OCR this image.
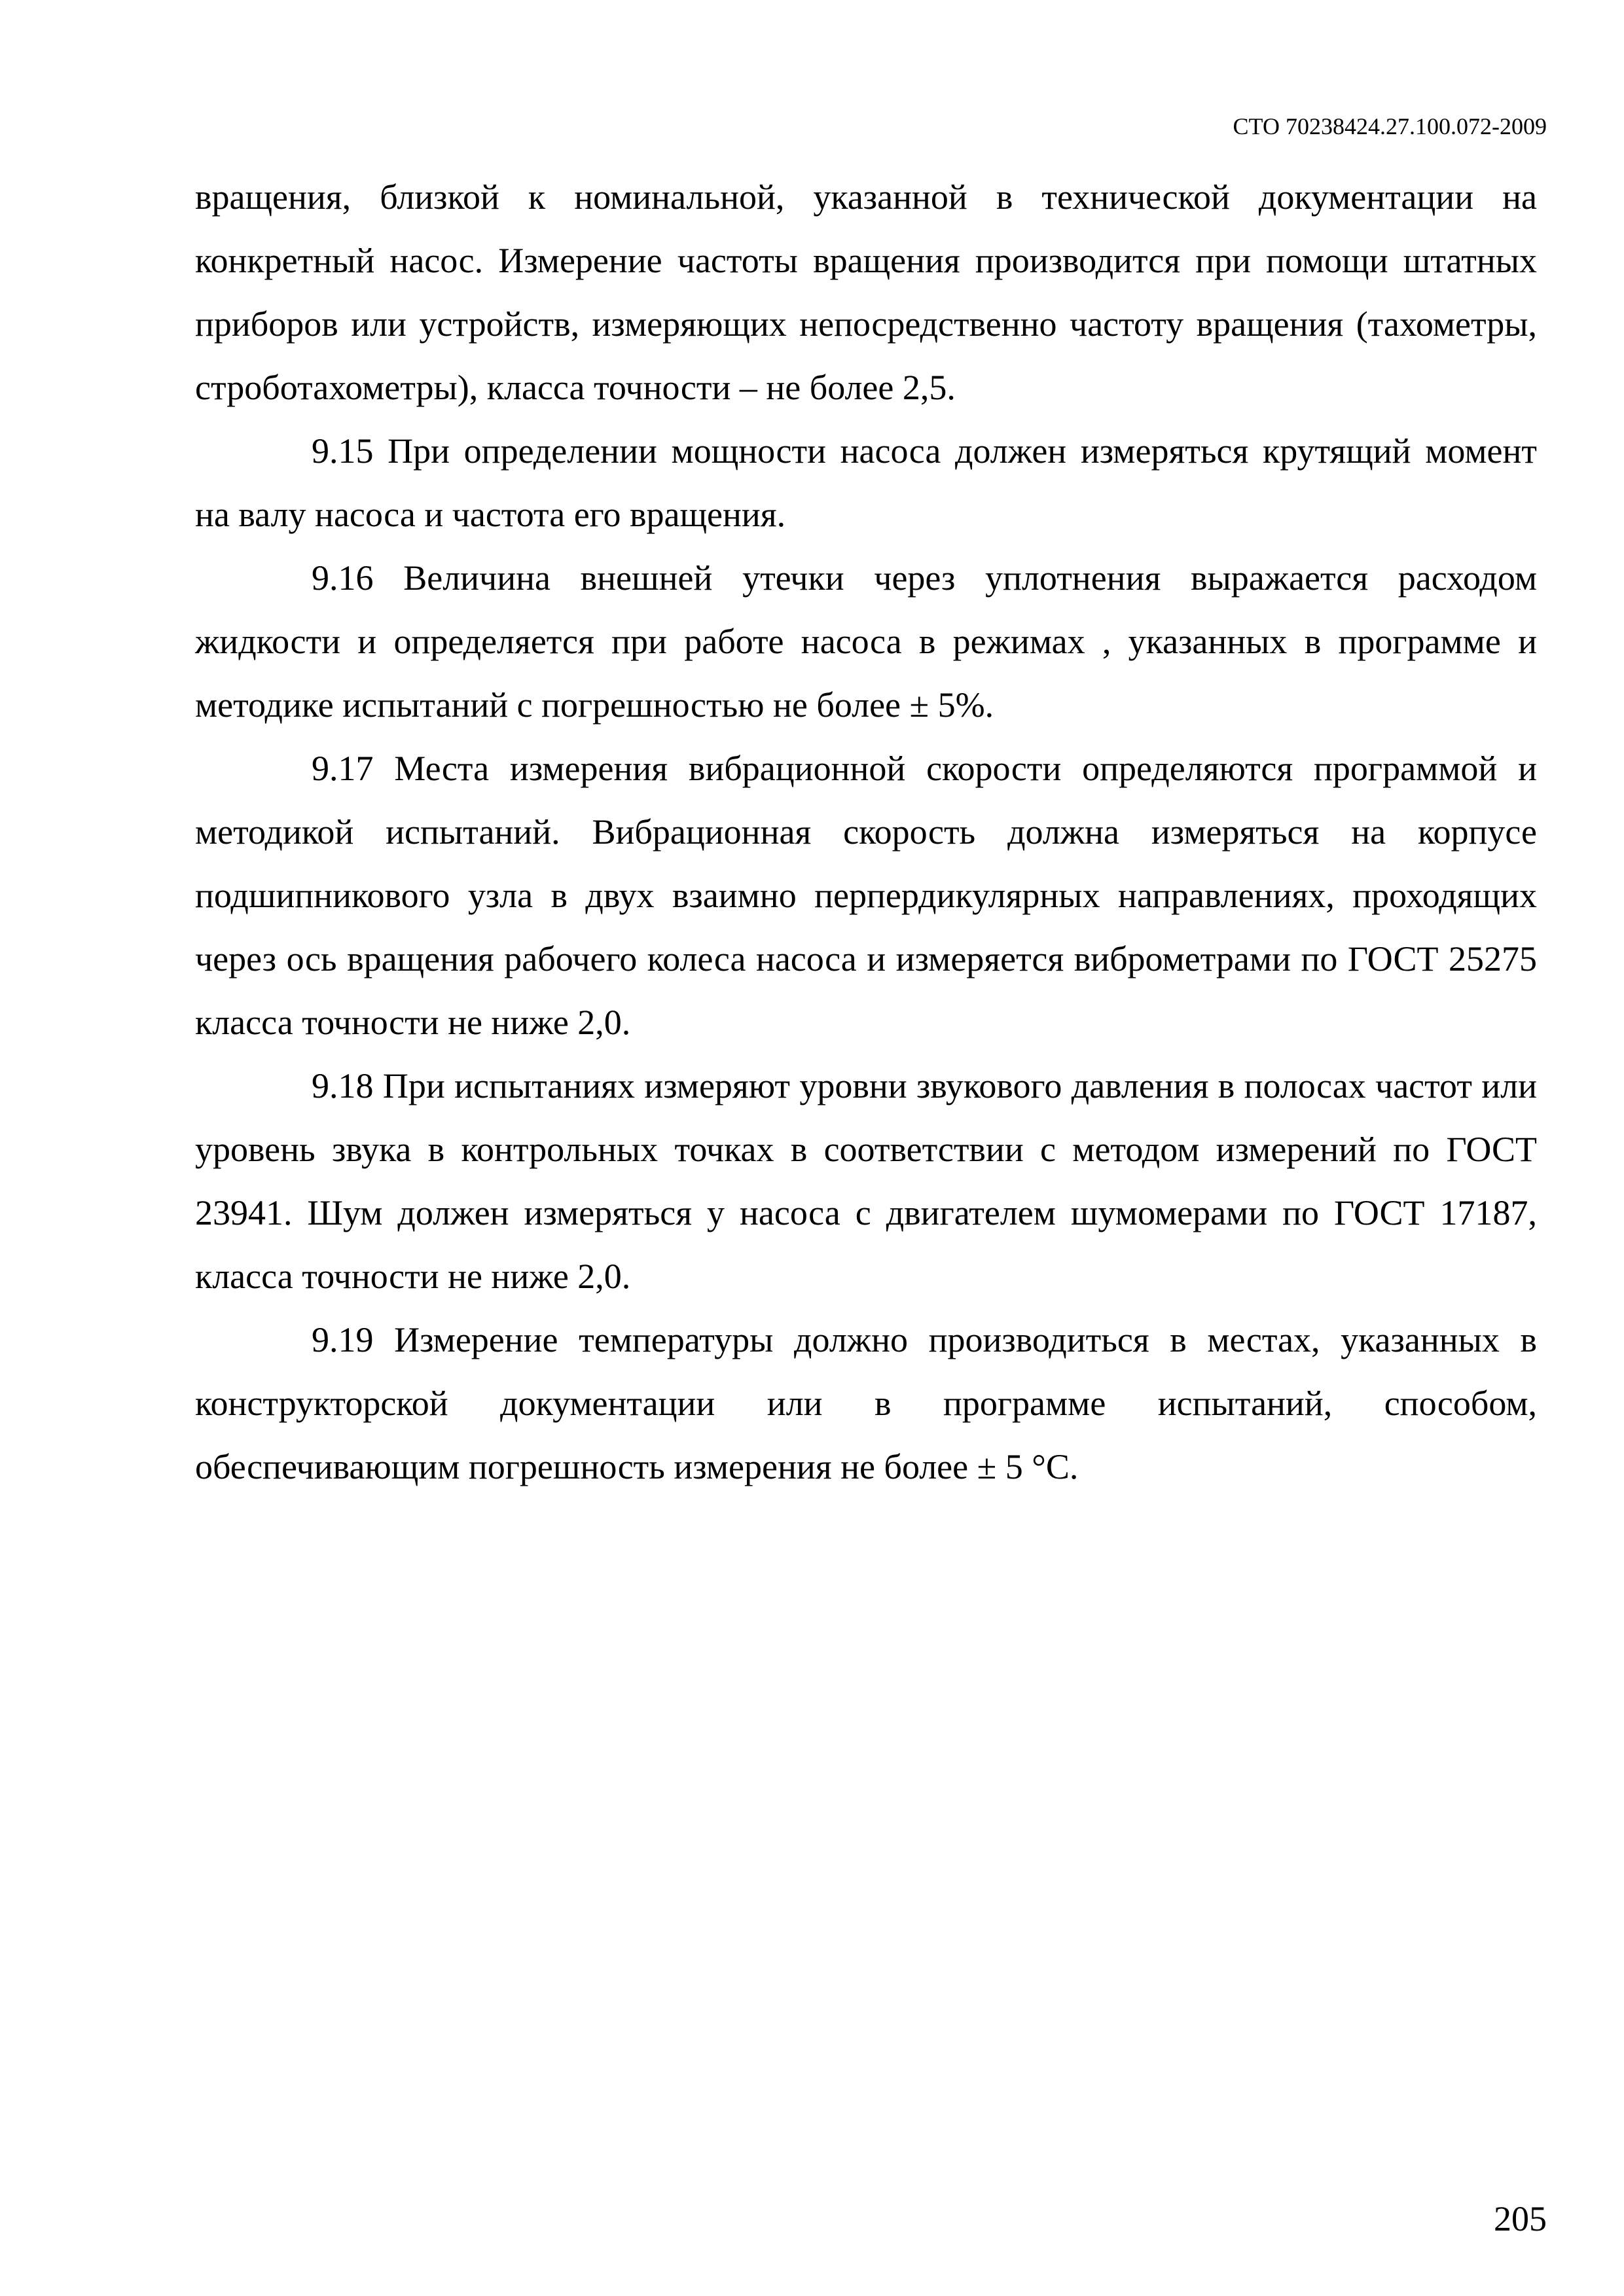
СТО 70238424.27.100.072-2009

вращения, близкой к номинальной, указанной в технической документации на конкретный насос. Измерение частоты вращения производится при помощи штатных приборов или устройств, измеряющих непосредственно частоту вращения (тахометры, строботахометры), класса точности – не более 2,5.

9.15 При определении мощности насоса должен измеряться крутящий момент на валу насоса и частота его вращения.

9.16 Величина внешней утечки через уплотнения выражается расходом жидкости и определяется при работе насоса в режимах , указанных в программе и методике испытаний с погрешностью не более ± 5%.

9.17 Места измерения вибрационной скорости определяются программой и методикой испытаний. Вибрационная скорость должна измеряться на корпусе подшипникового узла в двух взаимно перпердикулярных направлениях, проходящих через ось вращения рабочего колеса насоса и измеряется виброметрами по ГОСТ 25275 класса точности не ниже 2,0.

9.18 При испытаниях измеряют уровни звукового давления в полосах частот или уровень звука в контрольных точках в соответствии с методом измерений по ГОСТ 23941. Шум должен измеряться у насоса с двигателем шумомерами по ГОСТ 17187, класса точности не ниже 2,0.

9.19 Измерение температуры должно производиться в местах, указанных в конструкторской документации или в программе испытаний, способом, обеспечивающим погрешность измерения не более ± 5 °С.

205
